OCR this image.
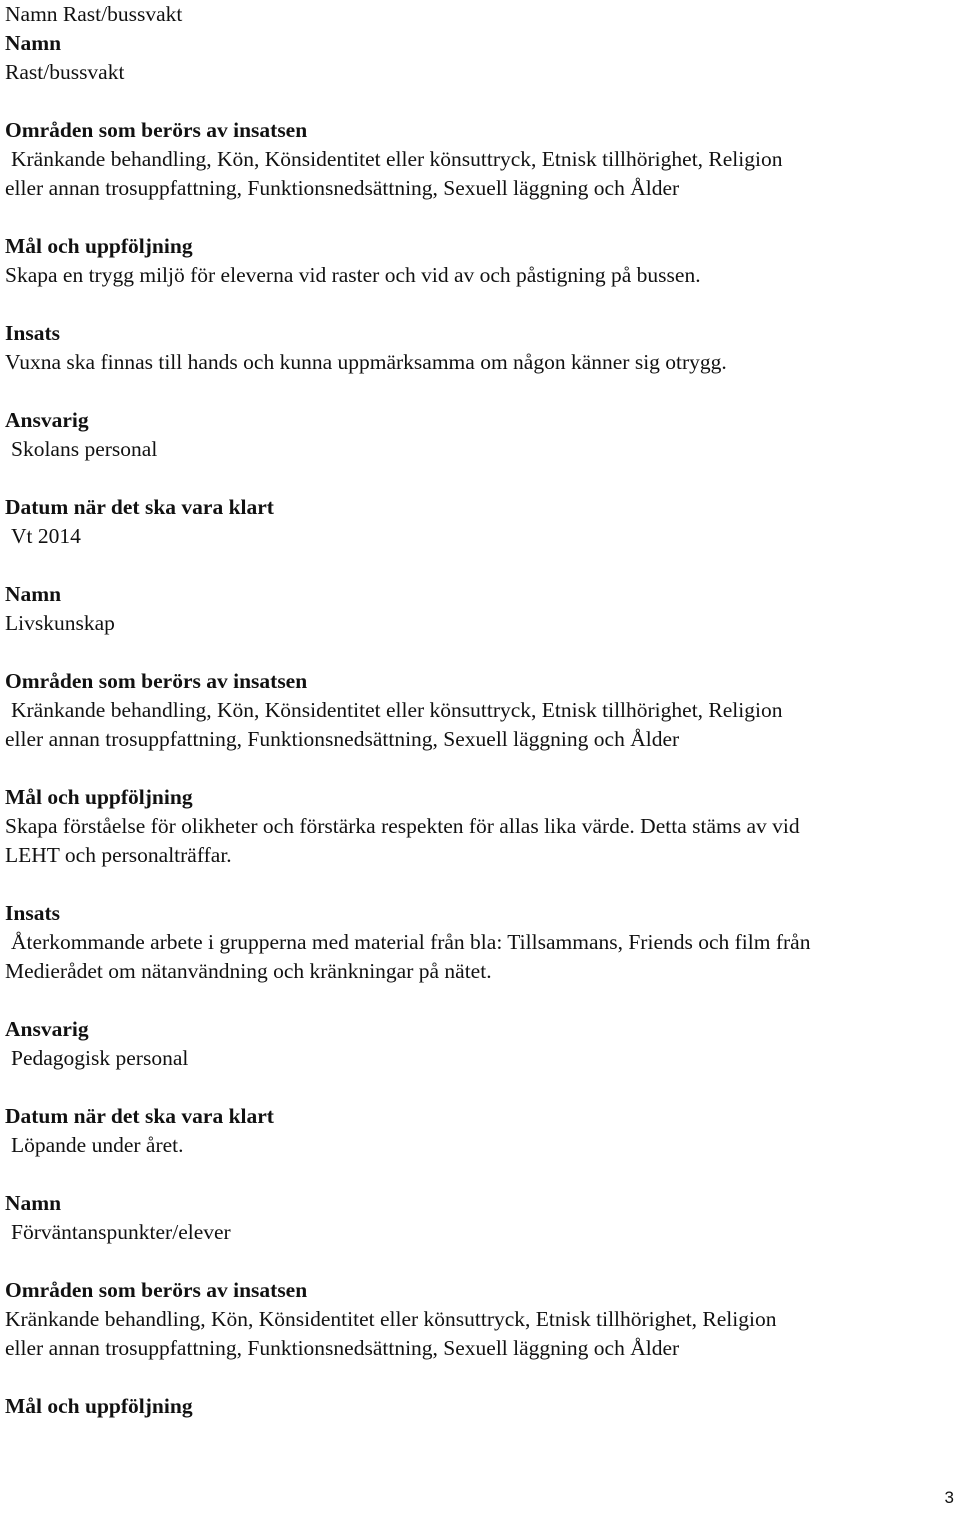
Namn Rast/bussvakt
Namn
Rast/bussvakt
Områden som berörs av insatsen
Kränkande behandling, Kön, Könsidentitet eller könsuttryck, Etnisk tillhörighet, Religion
eller annan trosuppfattning, Funktionsnedsättning, Sexuell läggning och Ålder
Mål och uppföljning
Skapa en trygg miljö för eleverna vid raster och vid av och påstigning på bussen.
Insats
Vuxna ska finnas till hands och kunna uppmärksamma om någon känner sig otrygg.
Ansvarig
Skolans personal
Datum när det ska vara klart
Vt 2014
Namn
Livskunskap
Områden som berörs av insatsen
Kränkande behandling, Kön, Könsidentitet eller könsuttryck, Etnisk tillhörighet, Religion
eller annan trosuppfattning, Funktionsnedsättning, Sexuell läggning och Ålder
Mål och uppföljning
Skapa förståelse för olikheter och förstärka respekten för allas lika värde. Detta stäms av vid
LEHT och personalträffar.
Insats
Återkommande arbete i grupperna med material från bla: Tillsammans, Friends och film från
Medierådet om nätanvändning och kränkningar på nätet.
Ansvarig
Pedagogisk personal
Datum när det ska vara klart
Löpande under året.
Namn
Förväntanspunkter/elever
Områden som berörs av insatsen
Kränkande behandling, Kön, Könsidentitet eller könsuttryck, Etnisk tillhörighet, Religion
eller annan trosuppfattning, Funktionsnedsättning, Sexuell läggning och Ålder
Mål och uppföljning
3
